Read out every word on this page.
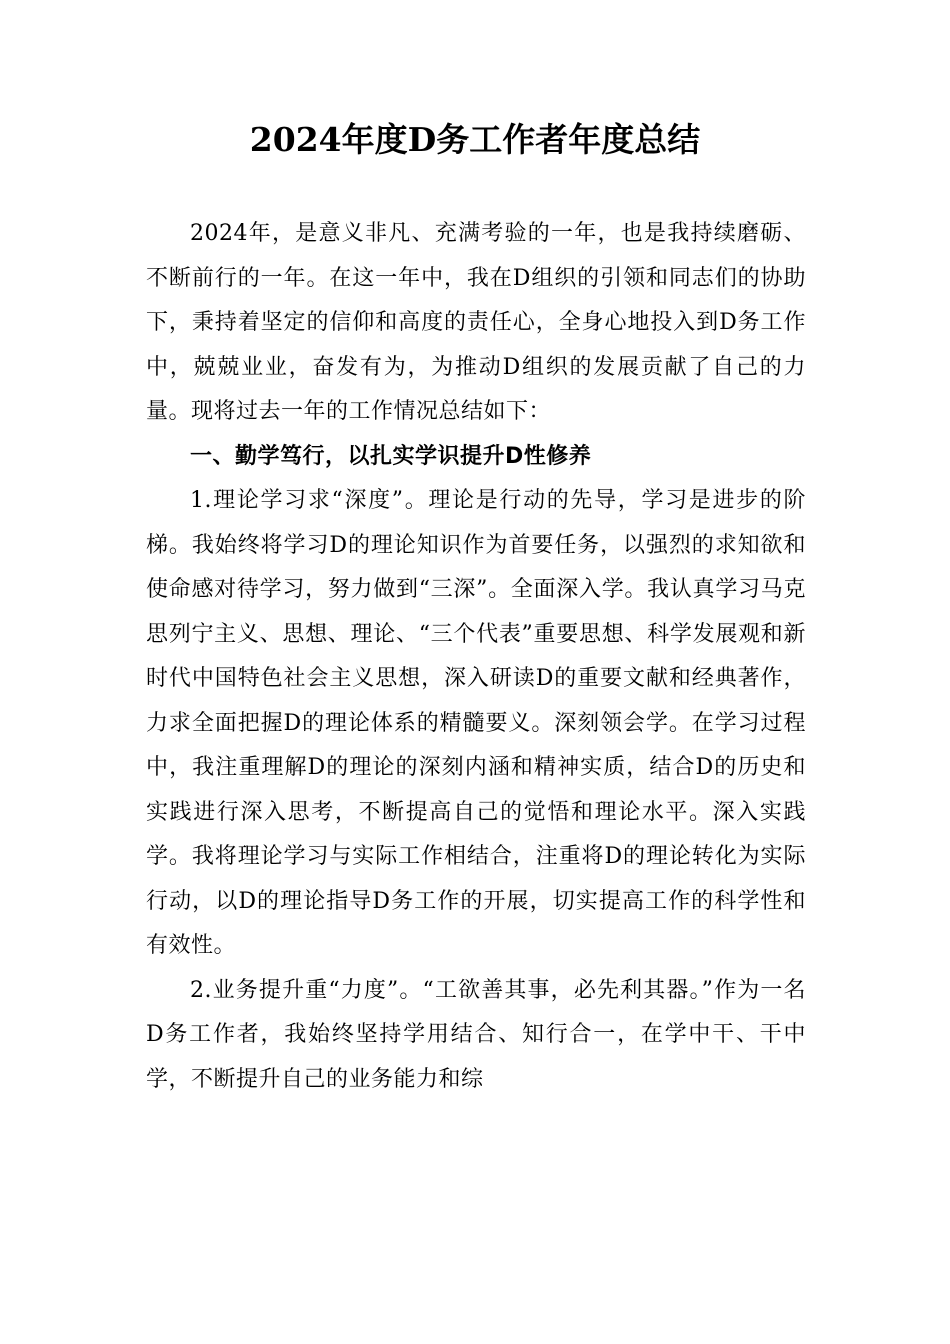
2024年度D务工作者年度总结

2024年，是意义非凡、充满考验的一年，也是我持续磨砺、不断前行的一年。在这一年中，我在D组织的引领和同志们的协助下，秉持着坚定的信仰和高度的责任心，全身心地投入到D务工作中，兢兢业业，奋发有为，为推动D组织的发展贡献了自己的力量。现将过去一年的工作情况总结如下：

一、勤学笃行，以扎实学识提升D性修养

1.理论学习求“深度”。理论是行动的先导，学习是进步的阶梯。我始终将学习D的理论知识作为首要任务，以强烈的求知欲和使命感对待学习，努力做到“三深”。全面深入学。我认真学习马克思列宁主义、思想、理论、“三个代表”重要思想、科学发展观和新时代中国特色社会主义思想，深入研读D的重要文献和经典著作，力求全面把握D的理论体系的精髓要义。深刻领会学。在学习过程中，我注重理解D的理论的深刻内涵和精神实质，结合D的历史和实践进行深入思考，不断提高自己的觉悟和理论水平。深入实践学。我将理论学习与实际工作相结合，注重将D的理论转化为实际行动，以D的理论指导D务工作的开展，切实提高工作的科学性和有效性。

2.业务提升重“力度”。“工欲善其事，必先利其器。”作为一名D务工作者，我始终坚持学用结合、知行合一，在学中干、干中学，不断提升自己的业务能力和综
